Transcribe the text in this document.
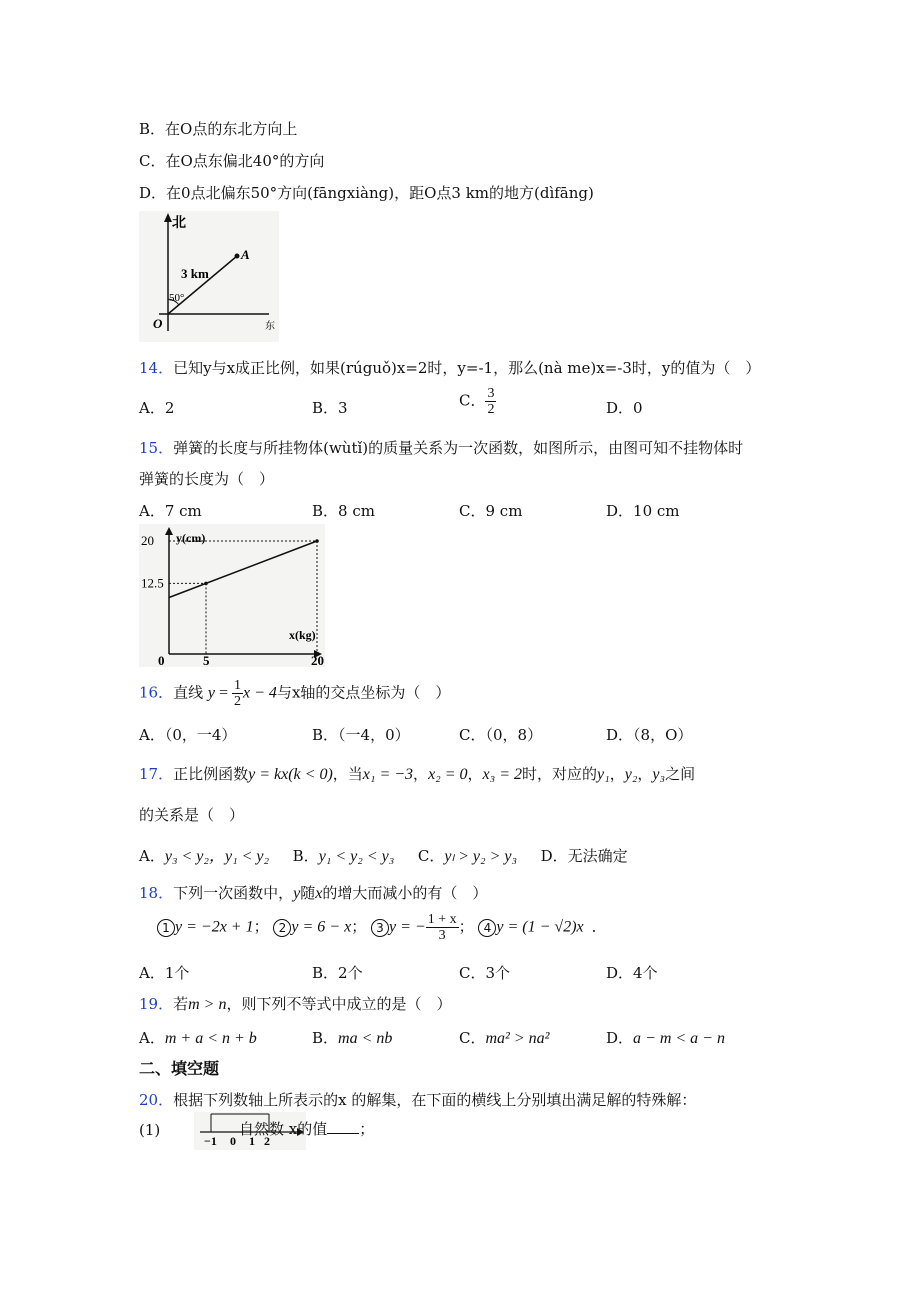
B．在O点的东北方向上
C．在O点东偏北40°的方向
D．在0点北偏东50°方向(fāngxiàng)，距O点3 km的地方(dìfāng)
北
A
3 km
50°
O	东
14．已知y与x成正比例，如果(rúguǒ)x=2时，y=-1，那么(nà me)x=-3时，y的值为（　）
A．2	B．3	C． $\frac{3}{2}$	D．0
15．弹簧的长度与所挂物体(wùtǐ)的质量关系为一次函数，如图所示，由图可知不挂物体时
弹簧的长度为（　）
A．7 cm	B．8 cm	C．9 cm	D．10 cm
y(cm)
x(kg)
12.5
20
0	5	20
16．直线 $y = \frac{1}{2}$ x − 4与x轴的交点坐标为（　）
A．（0，一4）	B．（一4，0）	C．（0，8）	D．（8，O）
17．正比例函数y = kx(k < 0)，当x₁ = −3，x₂ = 0，x₃ = 2时，对应的y₁，y₂，y₃之间
的关系是（　）
A．y₃ < y₂，y₁ < y₂ B．y₁ < y₂ < y₃ C．yₗ > y₂ > y₃ D．无法确定
18．下列一次函数中，y随x的增大而减小的有（　）
1 y = −2x + 1； 2 y = 6 − x； 3 y = − $\frac{1 + x}{3}$ ； 4 y = (1 − √2)x ．
A．1个	B．2个	C．3个	D．4个
19．若m > n，则下列不等式中成立的是（　）
A．m + a < n + b	B．ma < nb	C．ma² > na²	D．a − m < a − n
二、填空题
20．根据下列数轴上所表示的x 的解集，在下面的横线上分别填出满足解的特殊解：
(1)
−1 0 1 2
自然数 x的值 ；
